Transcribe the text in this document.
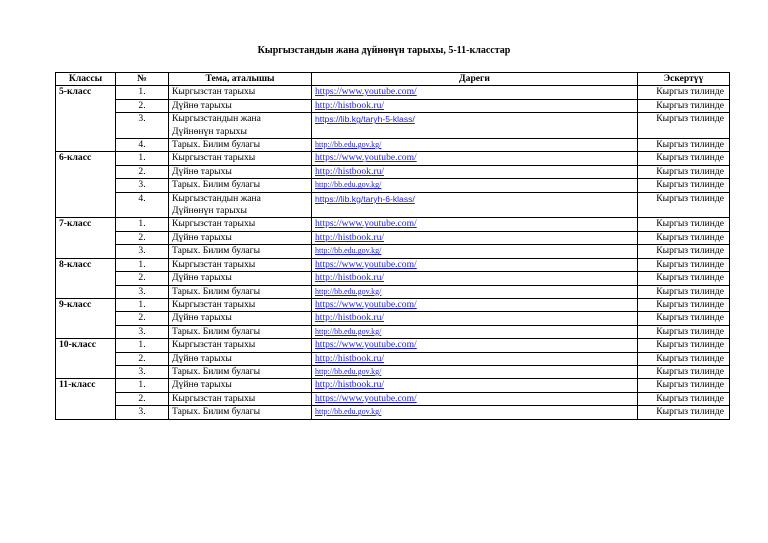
Кыргызстандын жана дүйнөнүн тарыхы, 5-11-класстар
Классы	№	Тема, аталышы	Дареги	Эскертүү
5-класс	1.	Кыргызстан тарыхы	https://www.youtube.com/	Кыргыз тилинде
	2.	Дүйнө тарыхы	http://histbook.ru/	Кыргыз тилинде
	3.	Кыргызстандын жана
Дүйнөнүн тарыхы	https://lib.kg/taryh-5-klass/	Кыргыз тилинде
	4.	Тарых. Билим булагы	http://bb.edu.gov.kg/	Кыргыз тилинде
6-класс	1.	Кыргызстан тарыхы	https://www.youtube.com/	Кыргыз тилинде
	2.	Дүйнө тарыхы	http://histbook.ru/	Кыргыз тилинде
	3.	Тарых. Билим булагы	http://bb.edu.gov.kg/	Кыргыз тилинде
	4.	Кыргызстандын жана
Дүйнөнүн тарыхы	https://lib.kg/taryh-6-klass/	Кыргыз тилинде
7-класс	1.	Кыргызстан тарыхы	https://www.youtube.com/	Кыргыз тилинде
	2.	Дүйнө тарыхы	http://histbook.ru/	Кыргыз тилинде
	3.	Тарых. Билим булагы	http://bb.edu.gov.kg/	Кыргыз тилинде
8-класс	1.	Кыргызстан тарыхы	https://www.youtube.com/	Кыргыз тилинде
	2.	Дүйнө тарыхы	http://histbook.ru/	Кыргыз тилинде
	3.	Тарых. Билим булагы	http://bb.edu.gov.kg/	Кыргыз тилинде
9-класс	1.	Кыргызстан тарыхы	https://www.youtube.com/	Кыргыз тилинде
	2.	Дүйнө тарыхы	http://histbook.ru/	Кыргыз тилинде
	3.	Тарых. Билим булагы	http://bb.edu.gov.kg/	Кыргыз тилинде
10-класс	1.	Кыргызстан тарыхы	https://www.youtube.com/	Кыргыз тилинде
	2.	Дүйнө тарыхы	http://histbook.ru/	Кыргыз тилинде
	3.	Тарых. Билим булагы	http://bb.edu.gov.kg/	Кыргыз тилинде
11-класс	1.	Дүйнө тарыхы	http://histbook.ru/	Кыргыз тилинде
	2.	Кыргызстан тарыхы	https://www.youtube.com/	Кыргыз тилинде
	3.	Тарых. Билим булагы	http://bb.edu.gov.kg/	Кыргыз тилинде
